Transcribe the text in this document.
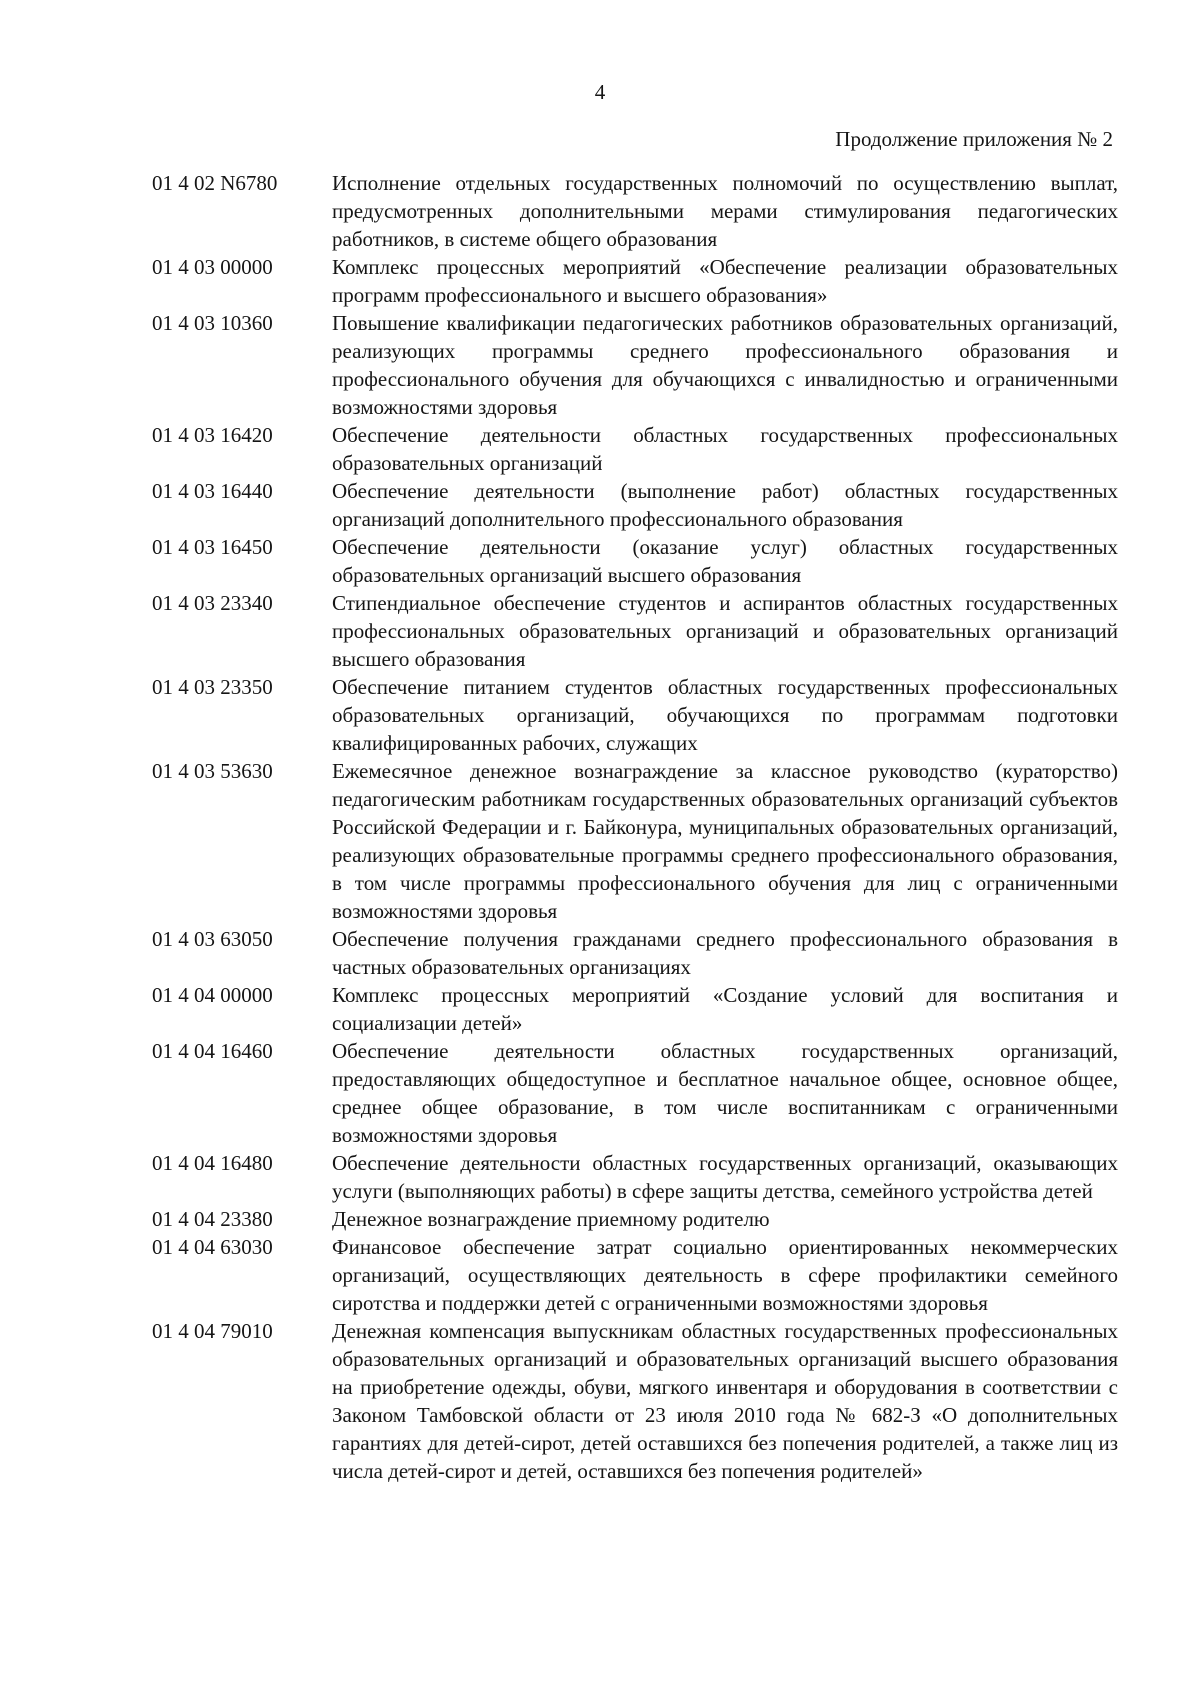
4
Продолжение приложения № 2
01 4 02 N6780	Исполнение отдельных государственных полномочий по осуществлению выплат, предусмотренных дополнительными мерами стимулирования педагогических работников, в системе общего образования
01 4 03 00000	Комплекс процессных мероприятий «Обеспечение реализации образовательных программ профессионального и высшего образования»
01 4 03 10360	Повышение квалификации педагогических работников образовательных организаций, реализующих программы среднего профессионального образования и профессионального обучения для обучающихся с инвалидностью и ограниченными возможностями здоровья
01 4 03 16420	Обеспечение деятельности областных государственных профессиональных образовательных организаций
01 4 03 16440	Обеспечение деятельности (выполнение работ) областных государственных организаций дополнительного профессионального образования
01 4 03 16450	Обеспечение деятельности (оказание услуг) областных государственных образовательных организаций высшего образования
01 4 03 23340	Стипендиальное обеспечение студентов и аспирантов областных государственных профессиональных образовательных организаций и образовательных организаций высшего образования
01 4 03 23350	Обеспечение питанием студентов областных государственных профессиональных образовательных организаций, обучающихся по программам подготовки квалифицированных рабочих, служащих
01 4 03 53630	Ежемесячное денежное вознаграждение за классное руководство (кураторство) педагогическим работникам государственных образовательных организаций субъектов Российской Федерации и г. Байконура, муниципальных образовательных организаций, реализующих образовательные программы среднего профессионального образования, в том числе программы профессионального обучения для лиц с ограниченными возможностями здоровья
01 4 03 63050	Обеспечение получения гражданами среднего профессионального образования в частных образовательных организациях
01 4 04 00000	Комплекс процессных мероприятий «Создание условий для воспитания и социализации детей»
01 4 04 16460	Обеспечение деятельности областных государственных организаций, предоставляющих общедоступное и бесплатное начальное общее, основное общее, среднее общее образование, в том числе воспитанникам с ограниченными возможностями здоровья
01 4 04 16480	Обеспечение деятельности областных государственных организаций, оказывающих услуги (выполняющих работы) в сфере защиты детства, семейного устройства детей
01 4 04 23380	Денежное вознаграждение приемному родителю
01 4 04 63030	Финансовое обеспечение затрат социально ориентированных некоммерческих организаций, осуществляющих деятельность в сфере профилактики семейного сиротства и поддержки детей с ограниченными возможностями здоровья
01 4 04 79010	Денежная компенсация выпускникам областных государственных профессиональных образовательных организаций и образовательных организаций высшего образования на приобретение одежды, обуви, мягкого инвентаря и оборудования в соответствии с Законом Тамбовской области от 23 июля 2010 года № 682-З «О дополнительных гарантиях для детей-сирот, детей оставшихся без попечения родителей, а также лиц из числа детей-сирот и детей, оставшихся без попечения родителей»
